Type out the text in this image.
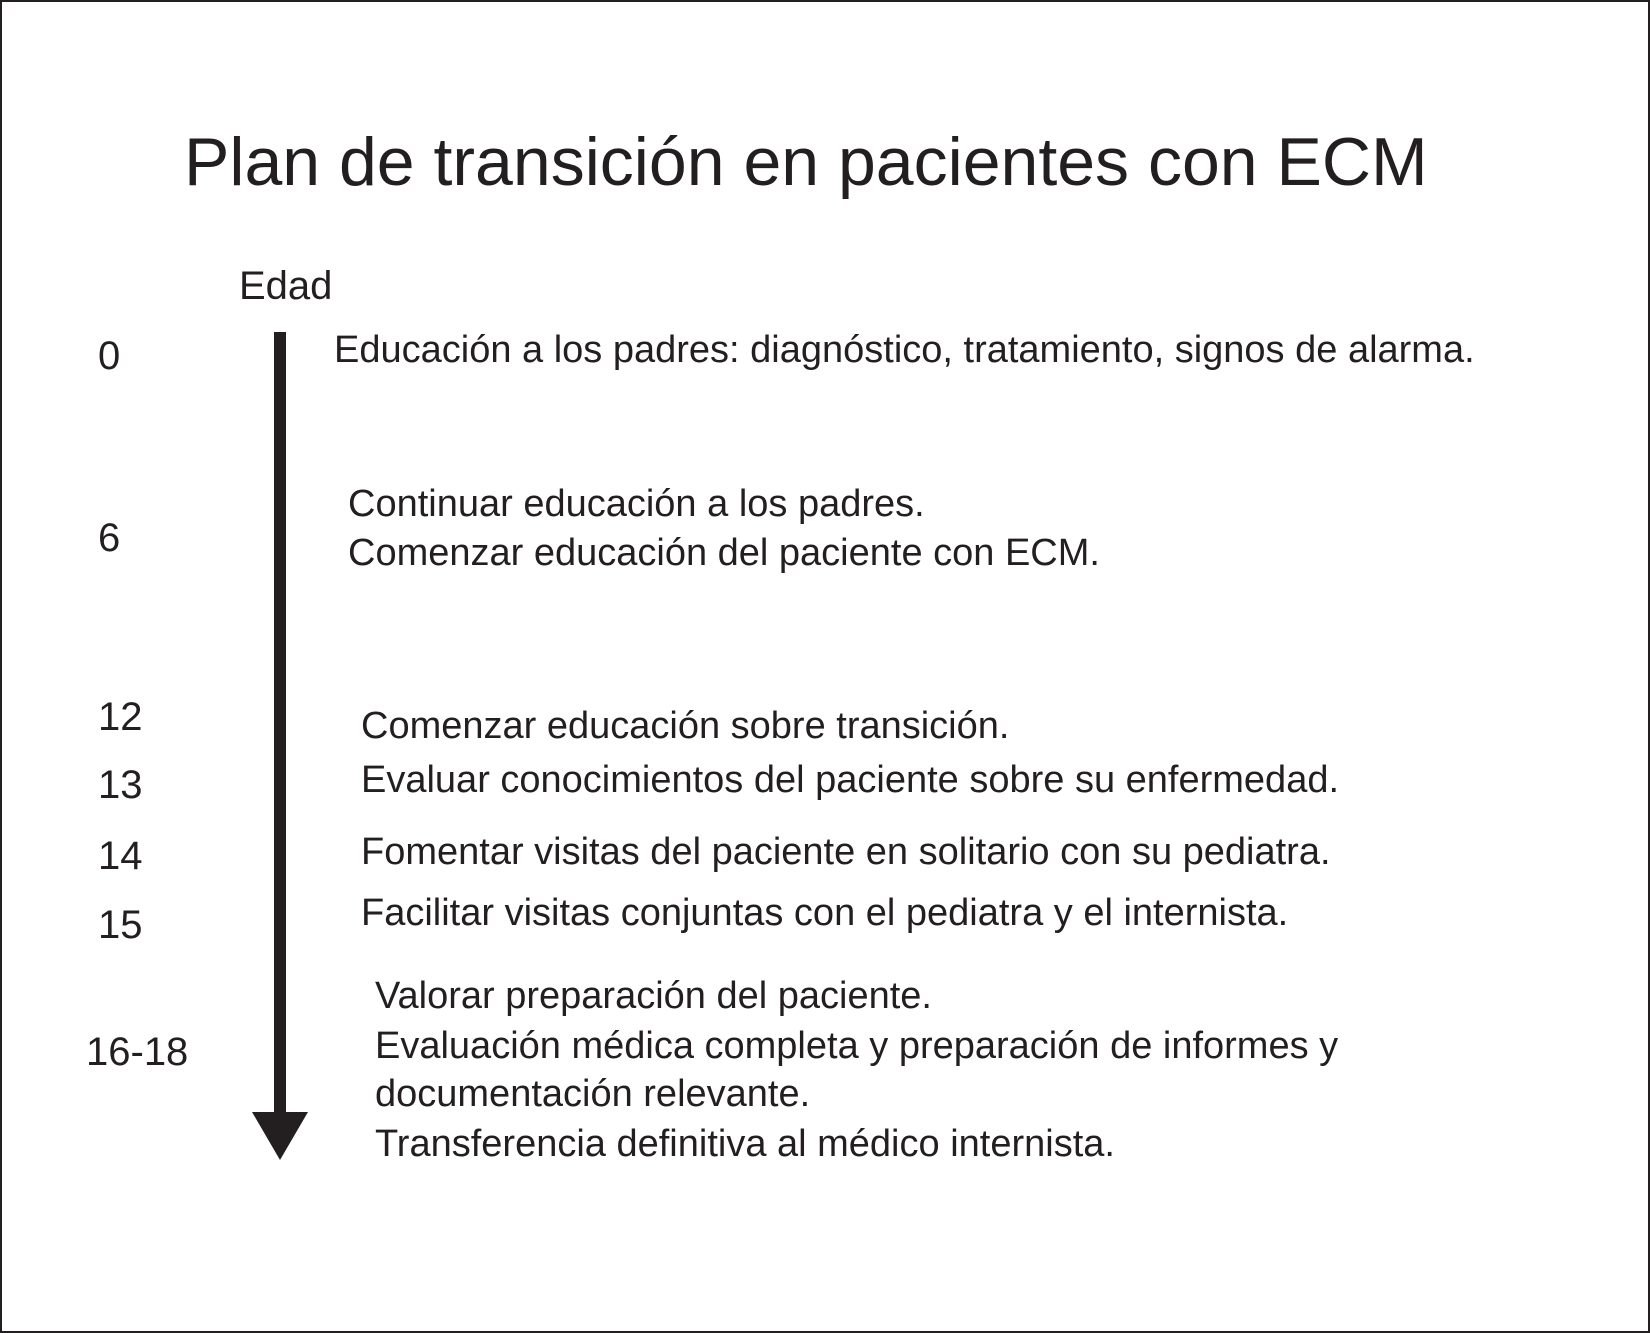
Plan de transición en pacientes con ECM
Edad
0
6
12
13
14
15
16-18
Educación a los padres: diagnóstico, tratamiento, signos de alarma.
Continuar educación a los padres.
Comenzar educación del paciente con ECM.
Comenzar educación sobre transición.
Evaluar conocimientos del paciente sobre su enfermedad.
Fomentar visitas del paciente en solitario con su pediatra.
Facilitar visitas conjuntas con el pediatra y el internista.
Valorar preparación del paciente.
Evaluación médica completa y preparación de informes y
documentación relevante.
Transferencia definitiva al médico internista.
